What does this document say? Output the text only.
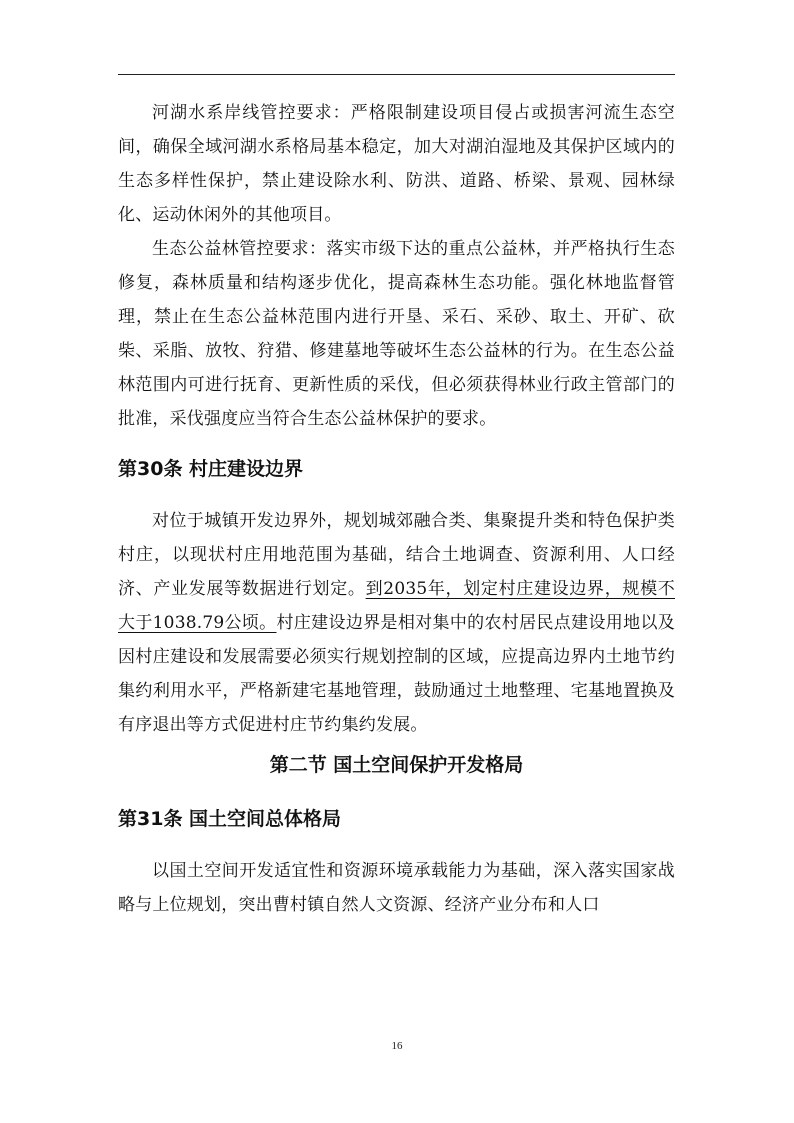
河湖水系岸线管控要求：严格限制建设项目侵占或损害河流生态空间，确保全域河湖水系格局基本稳定，加大对湖泊湿地及其保护区域内的生态多样性保护，禁止建设除水利、防洪、道路、桥梁、景观、园林绿化、运动休闲外的其他项目。

生态公益林管控要求：落实市级下达的重点公益林，并严格执行生态修复，森林质量和结构逐步优化，提高森林生态功能。强化林地监督管理，禁止在生态公益林范围内进行开垦、采石、采砂、取土、开矿、砍柴、采脂、放牧、狩猎、修建墓地等破坏生态公益林的行为。在生态公益林范围内可进行抚育、更新性质的采伐，但必须获得林业行政主管部门的批准，采伐强度应当符合生态公益林保护的要求。

第30条 村庄建设边界

对位于城镇开发边界外，规划城郊融合类、集聚提升类和特色保护类村庄，以现状村庄用地范围为基础，结合土地调查、资源利用、人口经济、产业发展等数据进行划定。到2035年，划定村庄建设边界，规模不大于1038.79公顷。村庄建设边界是相对集中的农村居民点建设用地以及因村庄建设和发展需要必须实行规划控制的区域，应提高边界内土地节约集约利用水平，严格新建宅基地管理，鼓励通过土地整理、宅基地置换及有序退出等方式促进村庄节约集约发展。

第二节 国土空间保护开发格局
第31条 国土空间总体格局

以国土空间开发适宜性和资源环境承载能力为基础，深入落实国家战略与上位规划，突出曹村镇自然人文资源、经济产业分布和人口

16
